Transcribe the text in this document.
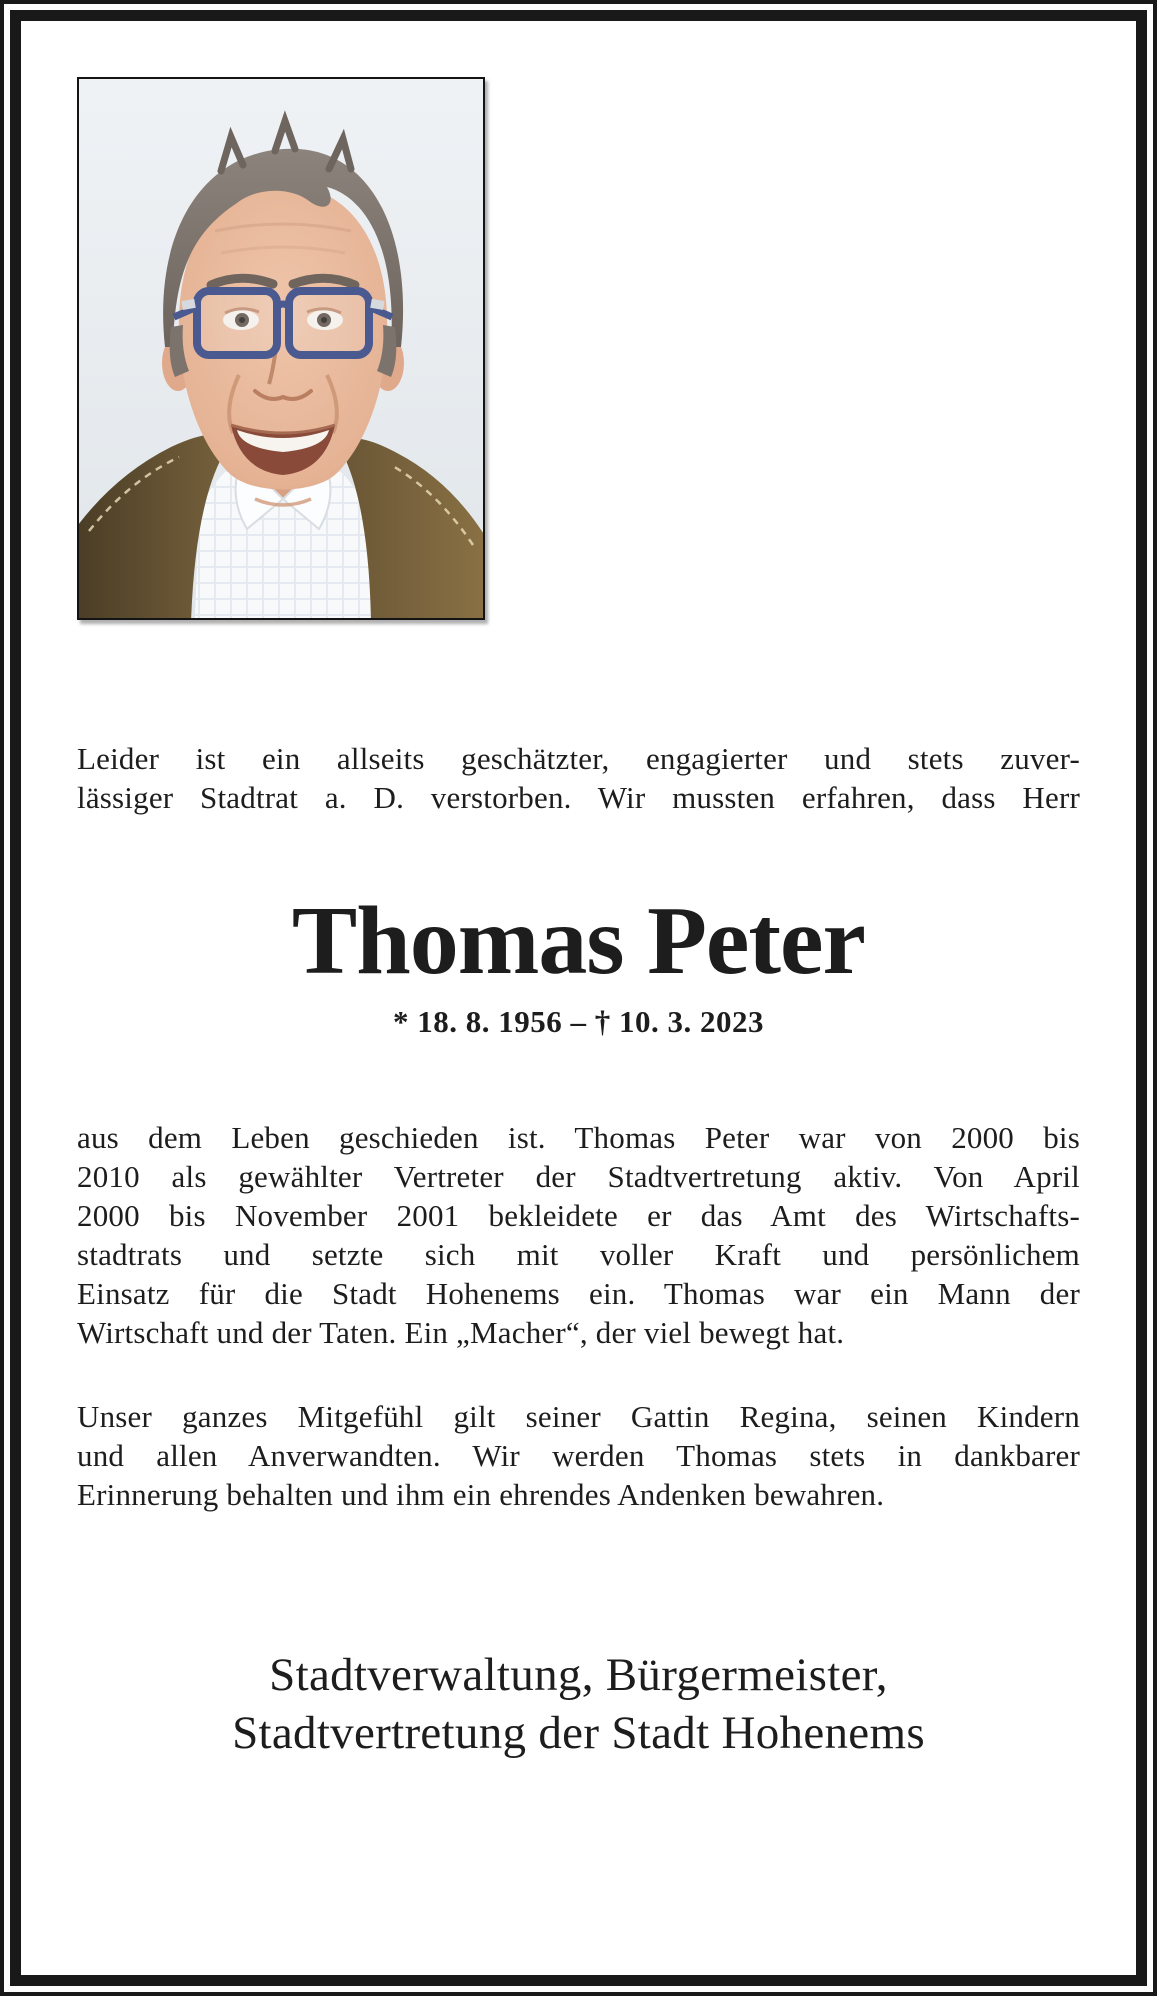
Leider ist ein allseits geschätzter, engagierter und stets zuver-
lässiger Stadtrat a. D. verstorben. Wir mussten erfahren, dass Herr
Thomas Peter
* 18. 8. 1956 – † 10. 3. 2023
aus dem Leben geschieden ist. Thomas Peter war von 2000 bis
2010 als gewählter Vertreter der Stadtvertretung aktiv. Von April
2000 bis November 2001 bekleidete er das Amt des Wirtschafts-
stadtrats und setzte sich mit voller Kraft und persönlichem
Einsatz für die Stadt Hohenems ein. Thomas war ein Mann der
Wirtschaft und der Taten. Ein „Macher“, der viel bewegt hat.
Unser ganzes Mitgefühl gilt seiner Gattin Regina, seinen Kindern
und allen Anverwandten. Wir werden Thomas stets in dankbarer
Erinnerung behalten und ihm ein ehrendes Andenken bewahren.
Stadtverwaltung, Bürgermeister,
Stadtvertretung der Stadt Hohenems
